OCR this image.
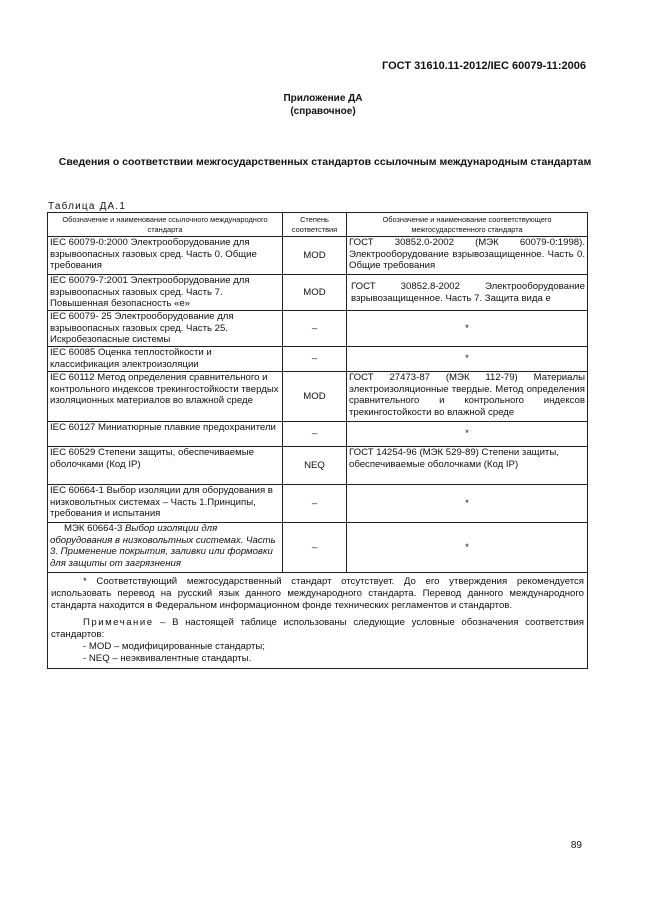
ГОСТ 31610.11-2012/IEC 60079-11:2006
Приложение ДА
(справочное)
Сведения о соответствии межгосударственных стандартов ссылочным международным стандартам
Таблица ДА.1
Обозначение и наименование ссылочного международного стандарта	Степень соответствия	Обозначение и наименование соответствующего межгосударственного стандарта
IEC 60079-0:2000 Электрооборудование для взрывоопасных газовых сред. Часть 0. Общие требования	MOD	ГОСТ 30852.0-2002 (МЭК 60079-0:1998). Электрооборудование взрывозащищенное. Часть 0. Общие требования
IEC 60079-7:2001 Электрооборудование для взрывоопасных газовых сред. Часть 7. Повышенная безопасность «е»	MOD	ГОСТ 30852.8-2002 Электрооборудование взрывозащищенное. Часть 7. Защита вида е
IEC 60079- 25 Электрооборудование для взрывоопасных газовых сред. Часть 25. Искробезопасные системы	–	*
IEC 60085 Оценка теплостойкости и классификация электроизоляции	–	*
IEC 60112 Метод определения сравнительного и контрольного индексов трекингостойкости твердых изоляционных материалов во влажной среде	MOD	ГОСТ 27473-87 (МЭК 112-79) Материалы электроизоляционные твердые. Метод определения сравнительного и контрольного индексов трекингостойкости во влажной среде
IEC 60127 Миниатюрные плавкие предохранители	–	*
IEC 60529 Степени защиты, обеспечиваемые оболочками (Код IP)	NEQ	ГОСТ 14254-96 (МЭК 529-89) Степени защиты, обеспечиваемые оболочками (Код IP)
IEC 60664-1 Выбор изоляции для оборудования в низковольтных системах – Часть 1.Принципы, требования и испытания	–	*
МЭК 60664-3 Выбор изоляции для оборудования в низковольтных системах. Часть 3. Применение покрытия, заливки или формовки для защиты от загрязнения	–	*

* Соответствующий межгосударственный стандарт отсутствует. До его утверждения рекомендуется использовать перевод на русский язык данного международного стандарта. Перевод данного международного стандарта находится в Федеральном информационном фонде технических регламентов и стандартов.

Примечание – В настоящей таблице использованы следующие условные обозначения соответствия стандартов:

- MOD – модифицированные стандарты;

- NEQ – неэквивалентные стандарты.		

89
